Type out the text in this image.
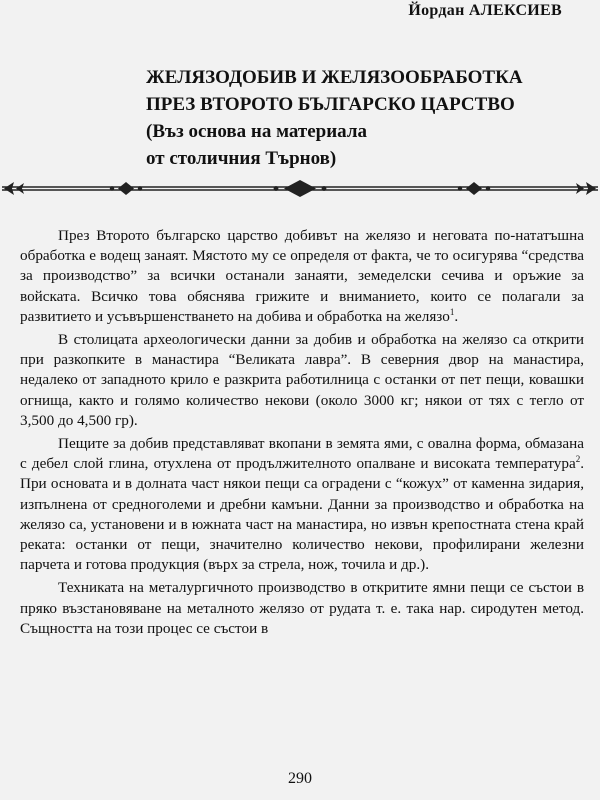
Йордан АЛЕКСИЕВ
ЖЕЛЯЗОДОБИВ И ЖЕЛЯЗООБРАБОТКА
ПРЕЗ ВТОРОТО БЪЛГАРСКО ЦАРСТВО
(Въз основа на материала
от столичния Търнов)

През Второто българско царство добивът на желязо и неговата по-нататъшна обработка е водещ занаят. Мястото му се определя от факта, че то осигурява “средства за производство” за всички останали занаяти, земеделски сечива и оръжие за войската. Всичко това обяснява грижите и вниманието, които се полагали за развитието и усъвършенстването на добива и обработка на желязо$^1$.

В столицата археологически данни за добив и обработка на желязо са открити при разкопките в манастира “Великата лавра”. В северния двор на манастира, недалеко от западното крило е разкрита работилница с останки от пет пещи, ковашки огнища, както и голямо количество некови (около 3000 кг; някои от тях с тегло от 3,500 до 4,500 гр).

Пещите за добив представляват вкопани в земята ями, с овална форма, обмазана с дебел слой глина, отухлена от продължителното опалване и високата температура$^2$. При основата и в долната част някои пещи са оградени с “кожух” от каменна зидария, изпълнена от средноголеми и дребни камъни. Данни за производство и обработка на желязо са, установени и в южната част на манастира, но извън крепостната стена край реката: останки от пещи, значително количество некови, профилирани железни парчета и готова продукция (върх за стрела, нож, точила и др.).

Техниката на металургичното производство в откритите ямни пещи се състои в пряко възстановяване на металното желязо от рудата т. е. така нар. сиродутен метод. Същността на този процес се състои в

290
